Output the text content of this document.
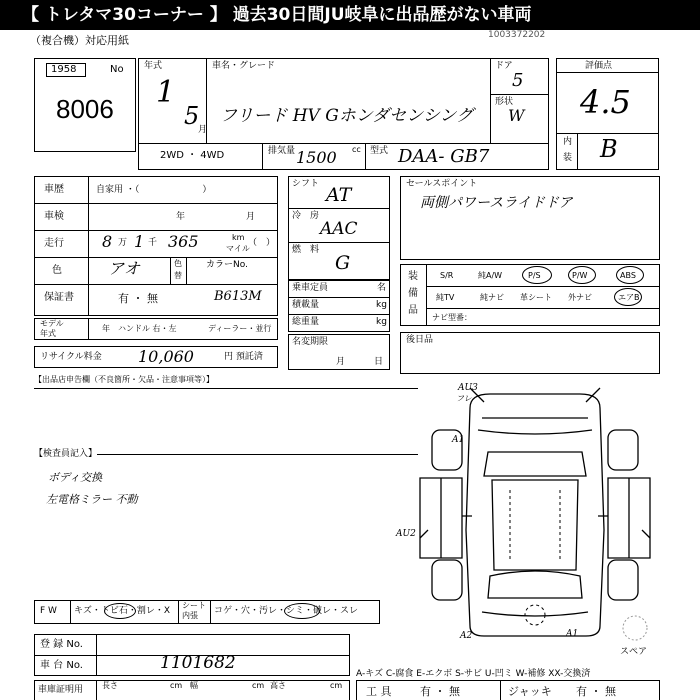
【 トレタマ30コーナー 】 過去30日間JU岐阜に出品歴がない車両
（複合機）対応用紙	1003372202
1958	No
8006
年式
1
5
月
車名・グレード
フリード HV Gホンダセンシング
ドア
5
形状
W
2WD ・ 4WD	排気量	cc
1500	型式 DAA- GB7
評価点
4.5
内
装 B
車歴	自家用 ・（　　　　　　　）
車検	年	月
走行 8 万 1 千 365	km
マイル
（　）
色	アオ	色
替
カラーNo.
保証書	有 ・ 無	B613M
モデル
年式
年 ハンドル 右・左	ディーラー・並行
リサイクル料金 10,060	円 預託済
シフト AT
冷　房
AAC
燃　料
G
乗車定員	名
積載量	kg
総重量	kg
名変期限
月	日
セールスポイント
両側パワースライドドア
装
備
品
S/R	純A/W	P/S	P/W	ABS
純TV	純ナビ 革シート 外ナビ	エアB
ナビ型番：
後日品
【出品店申告欄（不良箇所・欠品・注意事項等）】
【検査員記入】
ボディ交換
左電格ミラー 不動
AU3
フレ
A1
AU2
A2	A1
スペア
F W キズ・トビ石・割レ・X
シート
内張 コゲ・穴・汚レ・シミ・破レ・スレ
登 録 No.
車 台 No.	1101682
A-キズ C-腐食 E-エクボ S-サビ U-凹ミ W-補修 XX-交換済
車庫証明用 長さ	cm 幅	cm 高さ	cm 工 具	有 ・ 無	ジャッキ 有 ・ 無
